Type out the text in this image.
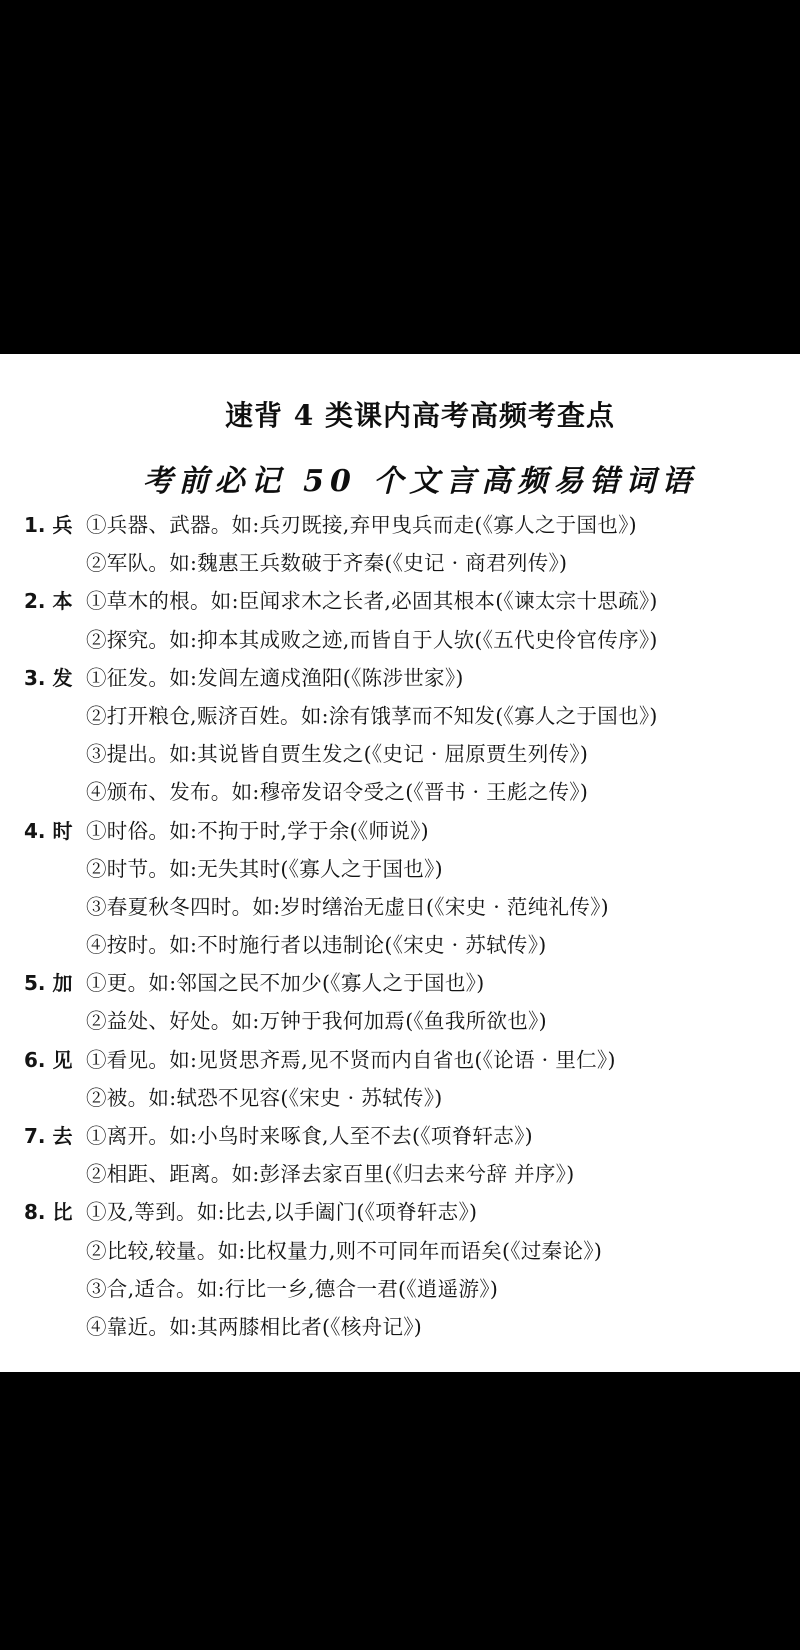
速背 4 类课内高考高频考查点
考前必记 50 个文言高频易错词语
1. 兵 ①兵器、武器。如:兵刃既接,弃甲曳兵而走(《寡人之于国也》)
②军队。如:魏惠王兵数破于齐秦(《史记 · 商君列传》)
2. 本 ①草木的根。如:臣闻求木之长者,必固其根本(《谏太宗十思疏》)
②探究。如:抑本其成败之迹,而皆自于人欤(《五代史伶官传序》)
3. 发 ①征发。如:发闾左適戍渔阳(《陈涉世家》)
②打开粮仓,赈济百姓。如:涂有饿莩而不知发(《寡人之于国也》)
③提出。如:其说皆自贾生发之(《史记 · 屈原贾生列传》)
④颁布、发布。如:穆帝发诏令受之(《晋书 · 王彪之传》)
4. 时 ①时俗。如:不拘于时,学于余(《师说》)
②时节。如:无失其时(《寡人之于国也》)
③春夏秋冬四时。如:岁时缮治无虚日(《宋史 · 范纯礼传》)
④按时。如:不时施行者以违制论(《宋史 · 苏轼传》)
5. 加 ①更。如:邻国之民不加少(《寡人之于国也》)
②益处、好处。如:万钟于我何加焉(《鱼我所欲也》)
6. 见 ①看见。如:见贤思齐焉,见不贤而内自省也(《论语 · 里仁》)
②被。如:轼恐不见容(《宋史 · 苏轼传》)
7. 去 ①离开。如:小鸟时来啄食,人至不去(《项脊轩志》)
②相距、距离。如:彭泽去家百里(《归去来兮辞 并序》)
8. 比 ①及,等到。如:比去,以手阖门(《项脊轩志》)
②比较,较量。如:比权量力,则不可同年而语矣(《过秦论》)
③合,适合。如:行比一乡,德合一君(《逍遥游》)
④靠近。如:其两膝相比者(《核舟记》)
